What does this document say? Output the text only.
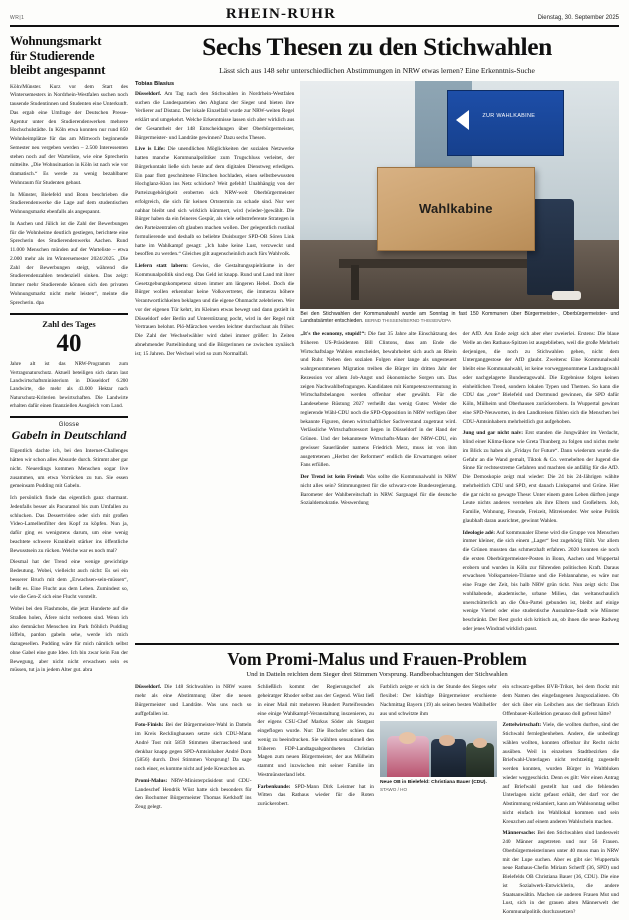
WR|1	RHEIN-RUHR	Dienstag, 30. September 2025
Wohnungsmarkt
für Studierende
bleibt angespannt

Köln/Münster. Kurz vor dem Start des Wintersemesters in Nordrhein-Westfalen suchen noch tausende Studentinnen und Studenten eine Unterkunft. Das ergab eine Umfrage der Deutschen Presse-Agentur unter den Studierendenwerken mehrere Hochschulstädte. In Köln etwa konnten nur rund 850 Wohnheimplätze für das am Mittwoch beginnende Semester neu vergeben werden – 2.500 Interessenten stehen noch auf der Warteliste, wie eine Sprecherin mitteilte. „Die Wohnsituation in Köln ist nach wie vor dramatisch.“ Es werde zu wenig bezahlbarer Wohnraum für Studenten gebaut.

In Münster, Bielefeld und Bonn beschrieben die Studierendenwerke die Lage auf dem studentischen Wohnungsmarkt ebenfalls als angespannt.

In Aachen und Jülich ist die Zahl der Bewerbungen für die Wohnheime deutlich gestiegen, berichtete eine Sprecherin des Studierendenwerks Aachen. Rund 11.000 Menschen münden auf der Warteliste – etwa 2.000 mehr als im Wintersemester 2024/2025. „Die Zahl der Bewerbungen steigt, während die Studierendenzahlen tendenziell sinken. Das zeigt: Immer mehr Studierende können sich den privaten Wohnungsmarkt nicht mehr leisten“, meinte die Sprecherin. dpa

Zahl des Tages
40

Jahre alt ist das NRW-Programm zum Vertragsnaturschutz. Aktuell beteiligen sich daran laut Landwirtschaftsministerium in Düsseldorf 6.200 Landwirte, die mehr als 43.000 Hektar nach Naturschutz-Kriterien bewirtschaften. Die Landwirte erhalten dafür einen finanziellen Ausgleich vom Land.

Glosse
Gabeln in Deutschland

Eigentlich dachte ich, bei den Internet-Challenges hätten wir schon alles Absurde durch. Stimmt aber gar nicht. Neuerdings kommen Menschen sogar live zusammen, um etwa Vorrücken zu tun. Sie essen gemeinsam Pudding mit Gabeln.

Ich persönlich finde das eigentlich ganz charmant. Jedenfalls besser als Pacuramol bis zum Umfallen zu schlucken. Das Dessertvideo oder sich mit großen Video-Lamellenfilter den Kopf zu köpfen. Nun ja, dafür ging es wenigstens darum, um eine wenig beachtete schwere Krankheit stärker ins öffentliche Bewusstsein zu rücken. Welche war es noch mal?

Diesmal hat der Trend eine wenige gewichtige Bedeutung. Wobei, vielleicht auch nicht: Es sei ein besserer Bruch mit dem „Erwachsen-sein-müssen“, heißt es. Eine Flucht aus dem Leben. Zumindest so, wie die Gen-Z sich eine Flucht vorstellt.

Wobei bei den Flashmobs, die jetzt Hunderte auf die Straßen holen, Äfere nicht verboten sind. Wenn ich also demnächst Menschen im Park fröhlich Pudding löffeln, pardon gabeln sehe, werde ich mich dazugesellen. Pudding wäre für mich nämlich selbst ohne Gabel eine gute Idee. Ich bin zwar kein Fan der Bewegung, aber nicht nicht erwachsen sein es müssen, tut ja in jedem Alter gut. abra

Sechs Thesen zu den Stichwahlen
Lässt sich aus 148 sehr unterschiedlichen Abstimmungen in NRW etwas lernen? Eine Erkenntnis-Suche
Tobias Blasius

Düsseldorf. Am Tag nach den Stichwahlen in Nordrhein-Westfalen suchen die Landesparteien den Abglanz der Sieger und bieten ihre Verlierer auf Distanz. Der lokale Einzelfall wurde zur NRW-weiten Regel erklärt und umgekehrt. Welche Erkenntnisse lassen sich aber wirklich aus der Gesamtheit der 148 Entscheidungen über Oberbürgermeister, Bürgermeister- und Landräte gewinnen? Dazu sechs Thesen.

Live is Life: Die unendlichen Möglichkeiten der sozialen Netzwerke hatten manche Kommunalpolitiker zum Trugschluss verleitet, der Bürgerkontakt ließe sich heute auf dem digitalen Dienstweg erledigen. Ein paar flott geschnittene Filmchen hochladen, einen selbstbewussten Hochglanz-Klon ins Netz schicken? Weit gefehlt! Unabhängig von der Parteizugehörigkeit eroberten sich NRW-weit Oberbürgermeister erfolgreich, die sich für keinen Ortstermin zu schade sind. Nur wer nahbar bleibt und sich wirklich kümmert, wird (wieder-)gewählt. Die Bürger haben da ein feineres Gespür, als viele selbstreferente Strategen in den Parteizentralen oft glauben machen wollen. Der gelegentlich rustikal formulierende und deshalb so beliebte Duisburger SPD-OB Sören Link hatte im Wahlkampf gesagt: „Ich habe keine Lust, verzweckt und besoffen zu werden.“ Gleiches gilt augenscheinlich auch fürs Wahlvolk.

Liefern statt labern: Gewiss, die Gestaltungsspielräume in der Kommunalpolitik sind eng. Das Geld ist knapp. Rund und Land mit ihrer Gesetzgebungskompetenz sitzen immer am längeren Hebel. Doch die Bürger wollen erkennbar keine Volksvertreter, die immerzu höhere Verantwortlichkeiten beklagen und die eigene Ohnmacht zelebrieren. Wer vor der eigenen Tür kehrt, im Kleinen etwas bewegt und dann gezielt in Düsseldorf oder Berlin auf Unterstützung pocht, wird in der Regel mit Vertrauen belohnt. Plö-Märzchen werden leichter durchschaut als früher. Die Zahl der Wechselwähler wird dabei immer größer: In Zeiten abnehmender Parteibindung und die Bürgerinnen ne zwischen zynäisch ist; 15 Jahren. Der Wechsel wird so zum Normalfall.

ZUR WAHLKABINE
Wahlkabine
Bei den Stichwahlen der Kommunalwahl wurde am Sonntag in fast 150 Kommunen über Bürgermeister-, Oberbürgermeister- und Landratsämter entschieden. BERND THISSEN/BERND THISSEN/DPA

„It's the economy, stupid!“: Die fast 35 Jahre alte Einschätzung des früheren US-Präsidenten Bill Clintons, dass am Ende die Wirtschaftslage Wahlen entscheidet, bewahrheitet sich auch an Rhein und Ruhr. Neben den sozialen Folgen einer lange als ungesteuert wahrgenommenen Migration treiben die Bürger im dritten Jahr der Rezession vor allem Job-Angst und ökonomische Sorgen um. Das zeigen Nachwahlbefragungen. Kandidaten mit Kompetenzvermutung in Wirtschaftsbelangen werden offenbar eher gewählt. Für die Landesebene Rüstung 2027 verheißt das wenig Gutes: Weder die regierende Wähl-CDU noch die SPD-Opposition in NRW verfügen über bekannte Figuren, denen wirtschaftlicher Sachverstand zugetraut wird. Verlässliche Wirtschaftsressort liegen in Düsseldorf in der Hand der Grünen. Und der bekannteste Wirtschafts-Mann der NRW-CDU, ein gewisser Sauerländer namens Friedrich Merz, muss ist von ihm ausgetretenen „Herbst der Reformen“ endlich die Erwartungen seiner Fans erfüllen.

Der Trend ist kein Freind: Was sollte die Kommunalwahl in NRW nicht alles sein? Stimmungstest für die schwarz-rote Bundesregierung. Barometer der Wahlbereitschaft in NRW. Sargnagel für die deutsche Sozialdemokratie. Weswerdung

der AfD. Am Ende zeigt sich aber eher zweierlei. Erstens: Die blaue Welle an den Rathaus-Spitzen ist ausgeblieben, weil die große Mehrheit derjenigen, die noch zu Stichwahlen gehen, nicht dem Unterganggestose der AfD glaubt. Zweitens: Eine Kommunalwahl bleibt eine Kommunalwahl, ist keine vorweggenommene Landtagswahl oder nachgelagerte Bundestagswahl. Die Ergebnisse folgen keinen einheitlichen Trend, sondern lokalen Typen und Themen. So kann die CDU das „rote“ Bielefeld und Dortmund gewinnen, die SPD dafür Köln, Mülheim und Oberhausen zurückerobern. In Wuppertal gewinnt eine SPD-Neuworten, in den Landkreisen fühlen sich die Menschen bei CDU-Amtsinhabern mehrheitlich gut aufgehoben.

Jung und gar nicht naiv: Erst standen die Jungwähler im Verdacht, blind einer Klima-Ikone wie Greta Thunberg zu folgen und nichts mehr im Blick zu haben als „Fridays for Future“. Dann wiederum wurde die Gefahr an die Wand gemalt, Tiktok & Co. vernebelten der Jugend die Sinne für rechtsextreme Gefahren und machten sie anfällig für die AfD. Die Demoskopie zeigt mal wieder: Die 24 bis 24-Jährigen wählte mehrheitlich CDU und SPD, erst danach Linkspartei und Grüne. Hier die gar nicht so gewagte These: Unter einem guten Leben dürften junge Leute nichts anderes verstehen als ihre Eltern und Großeltern. Job, Familie, Wohnung, Freunde, Freizeit, Mitreisender. Wer seine Politik glaubhaft daran ausrichtet, gewinnt Wahlen.

Ideologie adé: Auf kommunaler Ebene wird die Gruppe von Menschen immer kleiner, die sich einem „Lager“ fest zugehörig fühlt. Vor allem die Grünen mussten das schmerzhaft erfahren. 2020 konnten sie noch die ersten Oberbürgermeister-Posten in Bonn, Aachen und Wuppertal erobern und wurden in Köln zur führenden politischen Kraft. Daraus erwachsen Volksparteien-Träume und die Fehlannahme, es wäre nur eine Frage der Zeit, bis halb NRW grün tickt. Nun zeigt sich: Das wohlhabende, akademische, urbane Milieu, das weltanschaulich unerschütterlich an die Öko-Partei gebunden ist, bleibt auf einige wenige Viertel oder eine studentische Ausnahme-Stadt wie Münster beschränkt. Der Rest guckt sich kritisch an, ob ihnen die neue Radweg oder jenes Windrad wirklich passt.

Vom Promi-Malus und Frauen-Problem
Und in Datteln reichten dem Sieger drei Stimmen Vorsprung. Randbeobachtungen der Stichwahlen

Düsseldorf. Die 148 Stichwahlen in NRW waren mehr als eine Abstimmung über die neuen Bürgermeister und Landräte. Was uns noch so auffgefallen ist.

Foto-Finish: Bei der Bürgermeister-Wahl in Datteln im Kreis Recklinghausen setzte sich CDU-Mann André Tost mit 5859 Stimmen überraschend und denkbar knapp gegen SPD-Amtsinhaber André Dorn (5856) durch. Drei Stimmen Vorsprung! Da sage noch einer, es komme nicht auf jede Kreuzchen an.

Promi-Malus: NRW-Ministerpräsident und CDU-Landeschef Hendrik Wüst hatte sich besonders für den Bochumer Bürgermeister Thomas Kerkhoff ins Zeug gelegt.

Schließlich kommt der Regierungschef als geheiratger Rhoder selbst aus der Gegend. Wüst ließ in einer Mail mit mehreren Hundert Parteifreunden eine einige Wahlkampf-Veranstaltung inszenieren, zu der eigens CSU-Chef Markus Söder als Stargast eingeflogen wurde. Nur: Die Bochofer schien das wenig zu beeindrucken. Sie wählten sensationell den früheren FDP-Landtagsabgeordneten Christian Magen zum neuen Bürgermeister, der aus Mülheim stammt und inzwischen mit seiner Familie im Westmünsterland lebt.

Farbenkunde: SPD-Mann Dirk Leistner hat in Witten das Rathaus wieder für die Roten zurückerobert.

Farblich zeigte er sich in der Stunde des Sieges sehr flexibel: Der künftige Bürgermeister erschiente Nachmittag Bayern (19) als seinen besten Wahlhelfer aus und schwitzte ihm

Neue OB in Bielefeld: Christiana Bauer (CDU). STAWO / HO

ein schwarz-gelbes BVB-Trikot, bei dem flockt mit dem Namen des eingefangenen Jungsozialisten. Ob der sich über ein Leibchen aus der tiefbraun Erich Offenbauer-Kollektion genauso doll gefreut hätte?

Zettelwirtschaft: Viele, die wollten durften, sind der Stichwahl fernlegbenheben. Andere, die unbedingt wählen wollten, konnten offenbar ihr Recht nicht ausüben. Weil in einzelnen Stadtbezirken die Briefwahl-Unterlagen nicht rechtzeitig zugestellt werden konnten, wurden Bürger in Waltbluken wieder weggeschickt. Denn es gilt: Wer einen Antrag auf Briefwahl gestellt hat und die fehlenden Unterlagen nicht gefasst erhält, der darf vor der Abstimmung reklamiert, kann am Wahlsonntag selbst nicht einfach ins Wahllokal kommen und sein Kreuzchen auf einem anderen Wahlschein machen.

Männersache: Bei den Stichwahlen sind landesweit 240 Männer angetreten und nur 56 Frauen. Oberbürgermeisterinnen unter 40 muss man in NRW mit der Lupe suchen. Aber es gibt sie: Wuppertals neue Rathaus-Chefin Miriam Scherff (36, SPD) und Bielefelds OB Christiana Bauer (36, CDU). Die eine ist Sozialwerk-Entwicklerin, die andere Staatsanwältin. Machen sie anderen Frauen Mut und Lust, sich in der grauen alten Männerwelt der Kommunalpolitik durchzusetzen?
